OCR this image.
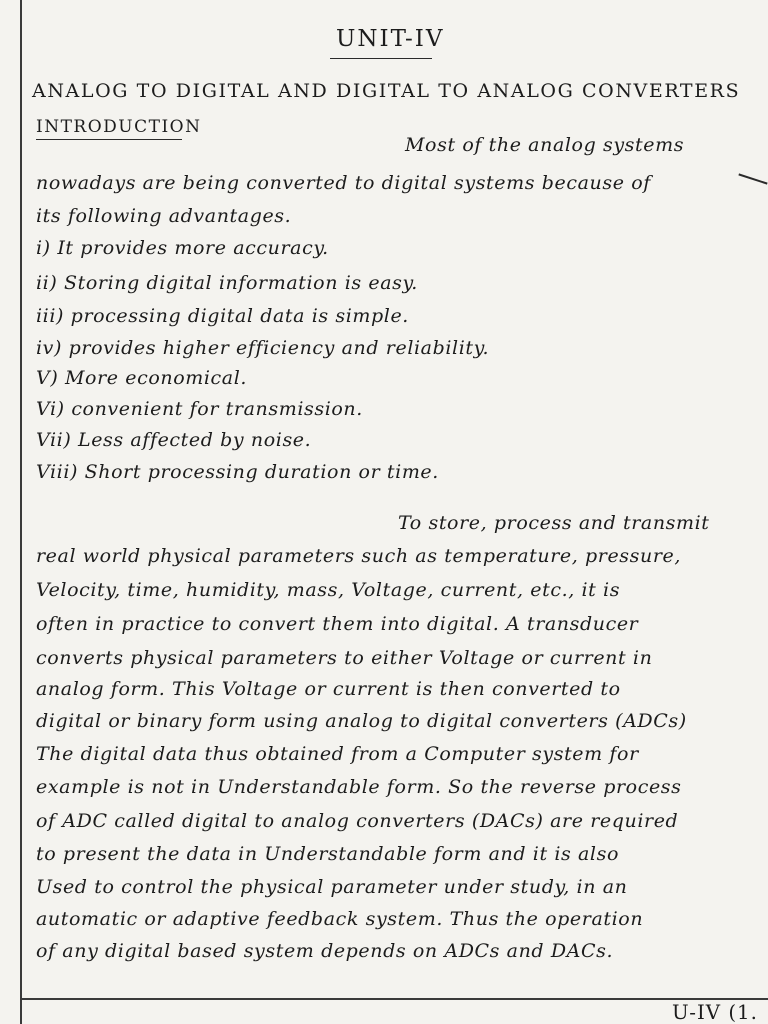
UNIT-IV
ANALOG TO DIGITAL AND DIGITAL TO ANALOG CONVERTERS
INTRODUCTION
Most of the analog systems
nowadays are being converted to digital systems because of
its following advantages.
i) It provides more accuracy.
ii) Storing digital information is easy.
iii) processing digital data is simple.
iv) provides higher efficiency and reliability.
V) More economical.
Vi) convenient for transmission.
Vii) Less affected by noise.
Viii) Short processing duration or time.
To store, process and transmit
real world physical parameters such as temperature, pressure,
Velocity, time, humidity, mass, Voltage, current, etc., it is
often in practice to convert them into digital. A transducer
converts physical parameters to either Voltage or current in
analog form. This Voltage or current is then converted to
digital or binary form using analog to digital converters (ADCs)
The digital data thus obtained from a Computer system for
example is not in Understandable form. So the reverse process
of ADC called digital to analog converters (DACs) are required
to present the data in Understandable form and it is also
Used to control the physical parameter under study, in an
automatic or adaptive feedback system. Thus the operation
of any digital based system depends on ADCs and DACs.
U-IV (1.
